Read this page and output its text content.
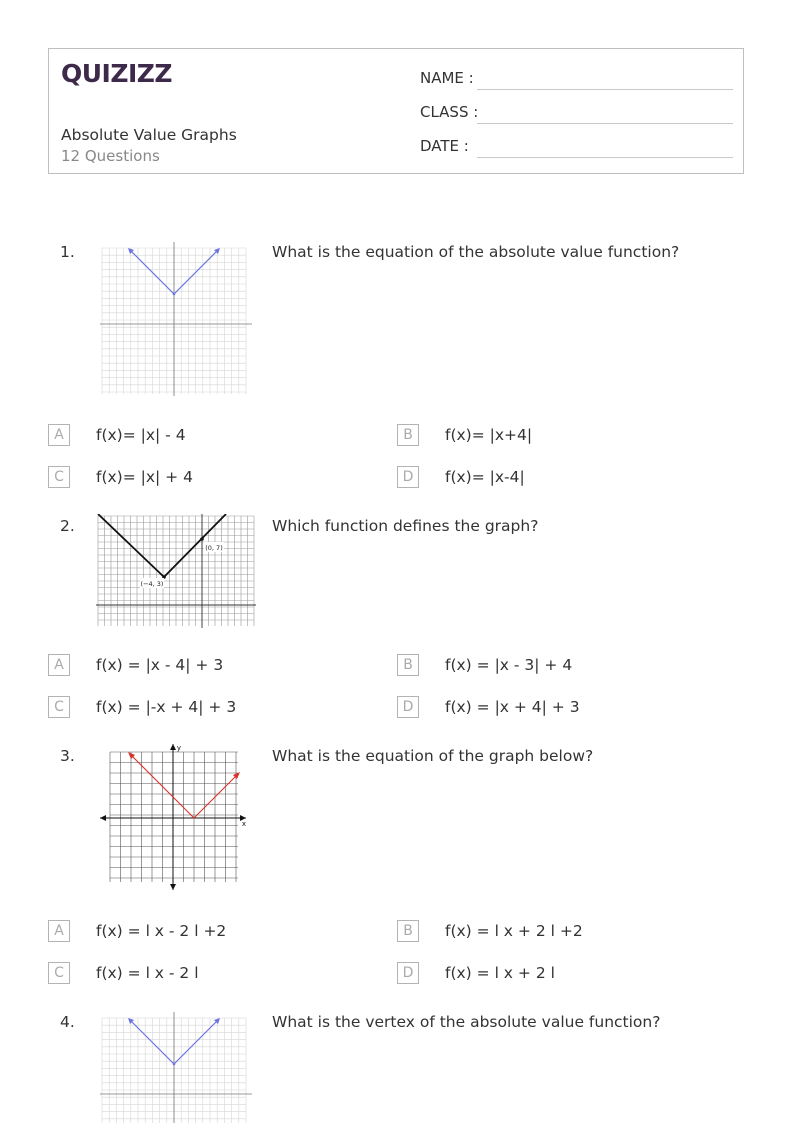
QUIZIZZ
Absolute Value Graphs
12 Questions
NAME :
CLASS :
DATE :
1.	What is the equation of the absolute value function?
A	f(x)= |x| - 4	B	f(x)= |x+4|
C	f(x)= |x| + 4	D	f(x)= |x-4|
2.	Which function defines the graph?
(−4, 3)
(0, 7)
A	f(x) = |x - 4| + 3	B	f(x) = |x - 3| + 4
C	f(x) = |-x + 4| + 3	D	f(x) = |x + 4| + 3
3.	What is the equation of the graph below?
x
y
A	f(x) = l x - 2 l +2	B	f(x) = l x + 2 l +2
C	f(x) = l x - 2 l	D	f(x) = l x + 2 l
4.	What is the vertex of the absolute value function?
